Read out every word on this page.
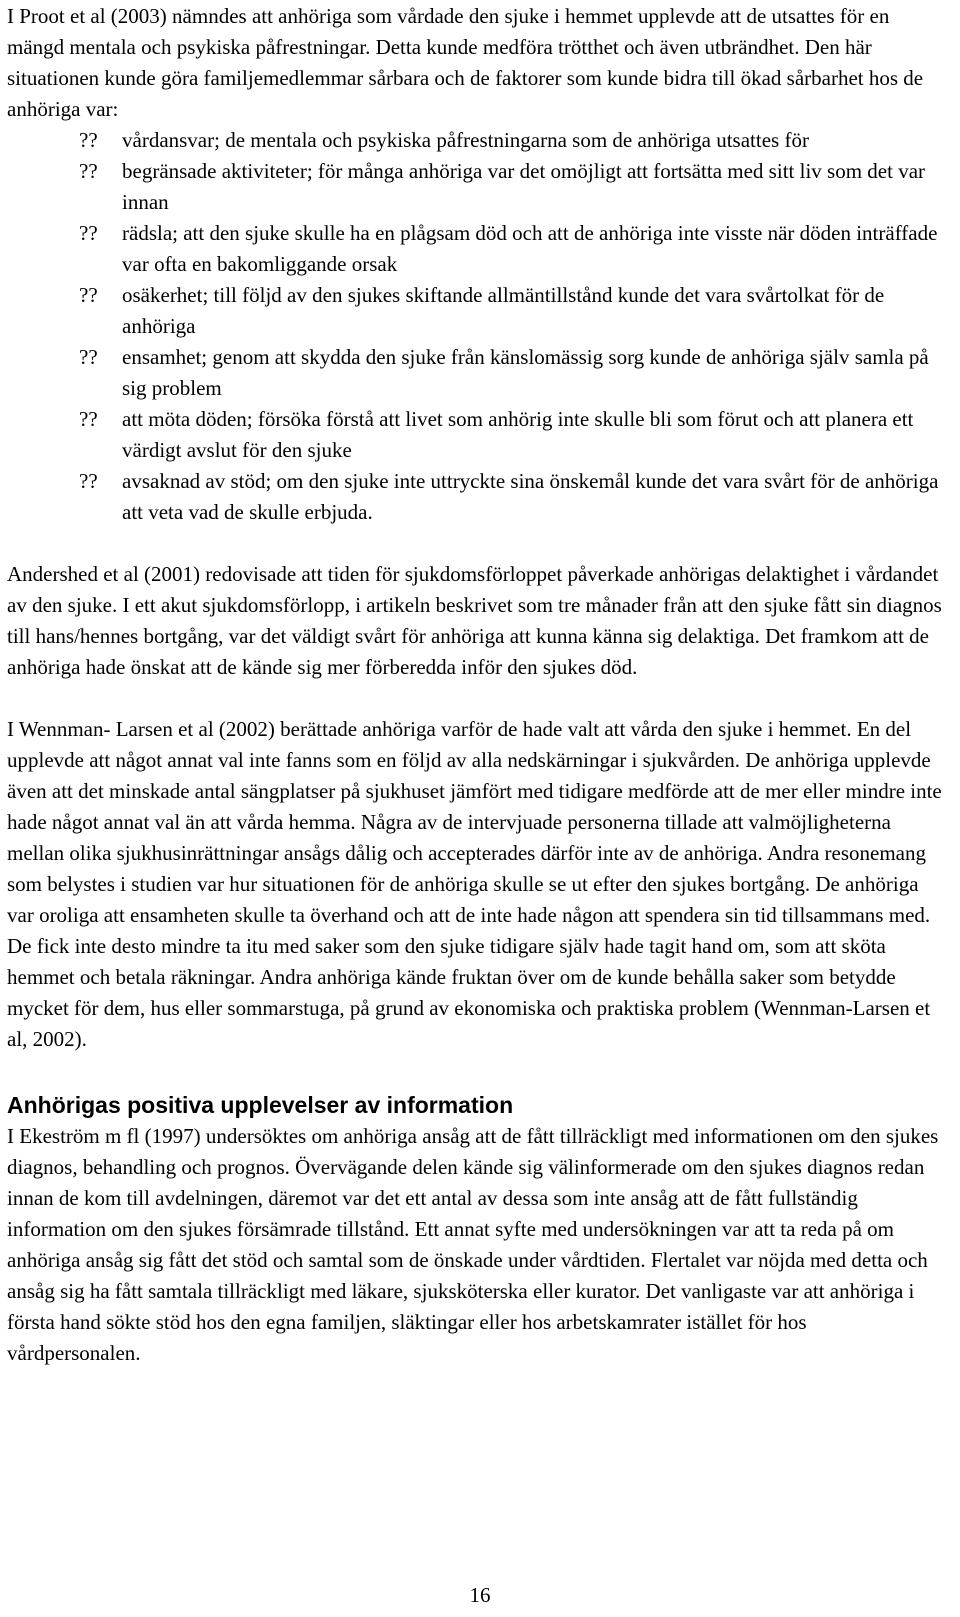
I Proot et al (2003) nämndes att anhöriga som vårdade den sjuke i hemmet upplevde att de utsattes för en mängd mentala och psykiska påfrestningar. Detta kunde medföra trötthet och även utbrändhet. Den här situationen kunde göra familjemedlemmar sårbara och de faktorer som kunde bidra till ökad sårbarhet hos de anhöriga var:

?? vårdansvar; de mentala och psykiska påfrestningarna som de anhöriga utsattes för
?? begränsade aktiviteter; för många anhöriga var det omöjligt att fortsätta med sitt liv som det var innan
?? rädsla; att den sjuke skulle ha en plågsam död och att de anhöriga inte visste när döden inträffade var ofta en bakomliggande orsak
?? osäkerhet; till följd av den sjukes skiftande allmäntillstånd kunde det vara svårtolkat för de anhöriga
?? ensamhet; genom att skydda den sjuke från känslomässig sorg kunde de anhöriga själv samla på sig problem
?? att möta döden; försöka förstå att livet som anhörig inte skulle bli som förut och att planera ett värdigt avslut för den sjuke
?? avsaknad av stöd; om den sjuke inte uttryckte sina önskemål kunde det vara svårt för de anhöriga att veta vad de skulle erbjuda.

Andershed et al (2001) redovisade att tiden för sjukdomsförloppet påverkade anhörigas delaktighet i vårdandet av den sjuke. I ett akut sjukdomsförlopp, i artikeln beskrivet som tre månader från att den sjuke fått sin diagnos till hans/hennes bortgång, var det väldigt svårt för anhöriga att kunna känna sig delaktiga. Det framkom att de anhöriga hade önskat att de kände sig mer förberedda inför den sjukes död.

I Wennman- Larsen et al (2002) berättade anhöriga varför de hade valt att vårda den sjuke i hemmet. En del upplevde att något annat val inte fanns som en följd av alla nedskärningar i sjukvården. De anhöriga upplevde även att det minskade antal sängplatser på sjukhuset jämfört med tidigare medförde att de mer eller mindre inte hade något annat val än att vårda hemma. Några av de intervjuade personerna tillade att valmöjligheterna mellan olika sjukhusinrättningar ansågs dålig och accepterades därför inte av de anhöriga. Andra resonemang som belystes i studien var hur situationen för de anhöriga skulle se ut efter den sjukes bortgång. De anhöriga var oroliga att ensamheten skulle ta överhand och att de inte hade någon att spendera sin tid tillsammans med. De fick inte desto mindre ta itu med saker som den sjuke tidigare själv hade tagit hand om, som att sköta hemmet och betala räkningar. Andra anhöriga kände fruktan över om de kunde behålla saker som betydde mycket för dem, hus eller sommarstuga, på grund av ekonomiska och praktiska problem (Wennman-Larsen et al, 2002).

Anhörigas positiva upplevelser av information

I Ekeström m fl (1997) undersöktes om anhöriga ansåg att de fått tillräckligt med informationen om den sjukes diagnos, behandling och prognos. Övervägande delen kände sig välinformerade om den sjukes diagnos redan innan de kom till avdelningen, däremot var det ett antal av dessa som inte ansåg att de fått fullständig information om den sjukes försämrade tillstånd. Ett annat syfte med undersökningen var att ta reda på om anhöriga ansåg sig fått det stöd och samtal som de önskade under vårdtiden. Flertalet var nöjda med detta och ansåg sig ha fått samtala tillräckligt med läkare, sjuksköterska eller kurator. Det vanligaste var att anhöriga i första hand sökte stöd hos den egna familjen, släktingar eller hos arbetskamrater istället för hos vårdpersonalen.

16
